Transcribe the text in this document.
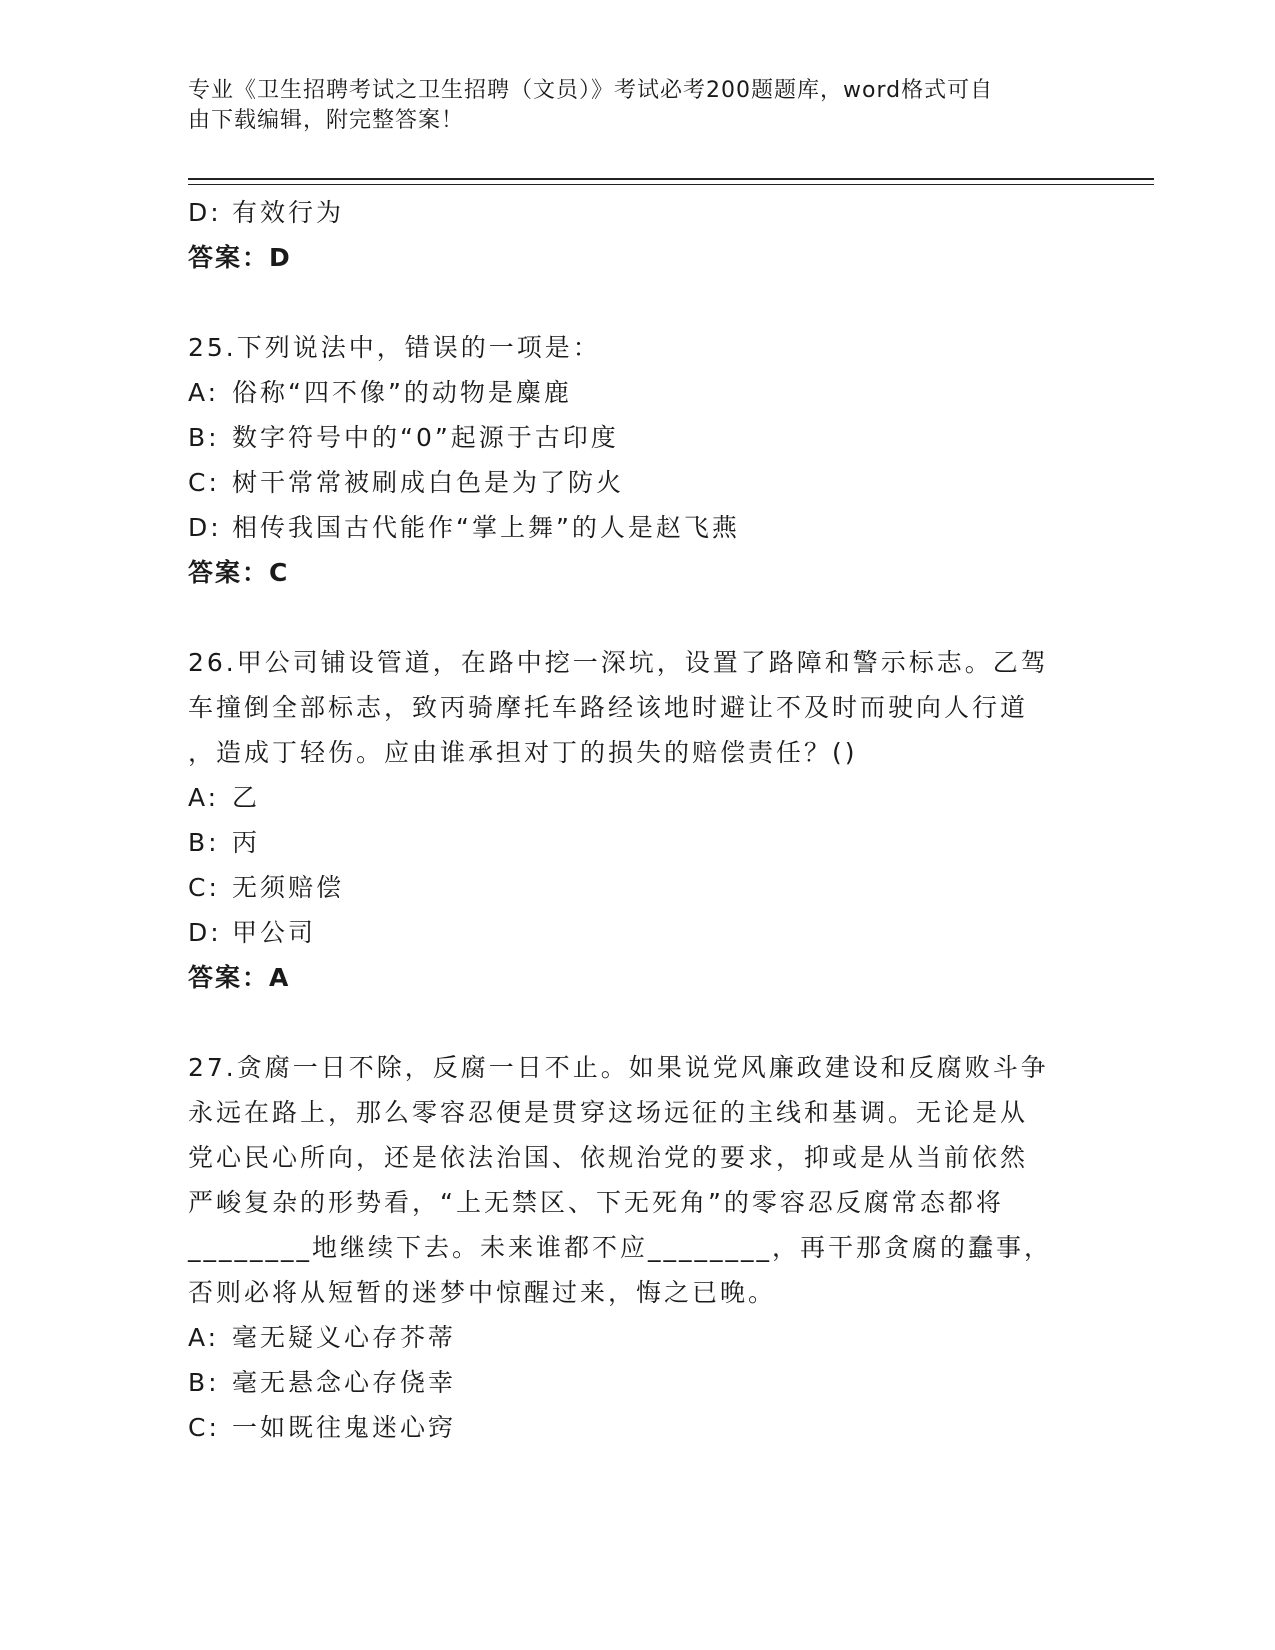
专业《卫生招聘考试之卫生招聘（文员）》考试必考200题题库，word格式可自
由下载编辑，附完整答案！
D: 有效行为
答案：D
25.下列说法中，错误的一项是：
A: 俗称“四不像”的动物是麋鹿
B: 数字符号中的“0”起源于古印度
C: 树干常常被刷成白色是为了防火
D: 相传我国古代能作“掌上舞”的人是赵飞燕
答案：C
26.甲公司铺设管道，在路中挖一深坑，设置了路障和警示标志。乙驾
车撞倒全部标志，致丙骑摩托车路经该地时避让不及时而驶向人行道
，造成丁轻伤。应由谁承担对丁的损失的赔偿责任？()
A: 乙
B: 丙
C: 无须赔偿
D: 甲公司
答案：A
27.贪腐一日不除，反腐一日不止。如果说党风廉政建设和反腐败斗争
永远在路上，那么零容忍便是贯穿这场远征的主线和基调。无论是从
党心民心所向，还是依法治国、依规治党的要求，抑或是从当前依然
严峻复杂的形势看，“上无禁区、下无死角”的零容忍反腐常态都将
________地继续下去。未来谁都不应________，再干那贪腐的蠢事，
否则必将从短暂的迷梦中惊醒过来，悔之已晚。
A: 毫无疑义心存芥蒂
B: 毫无悬念心存侥幸
C: 一如既往鬼迷心窍
